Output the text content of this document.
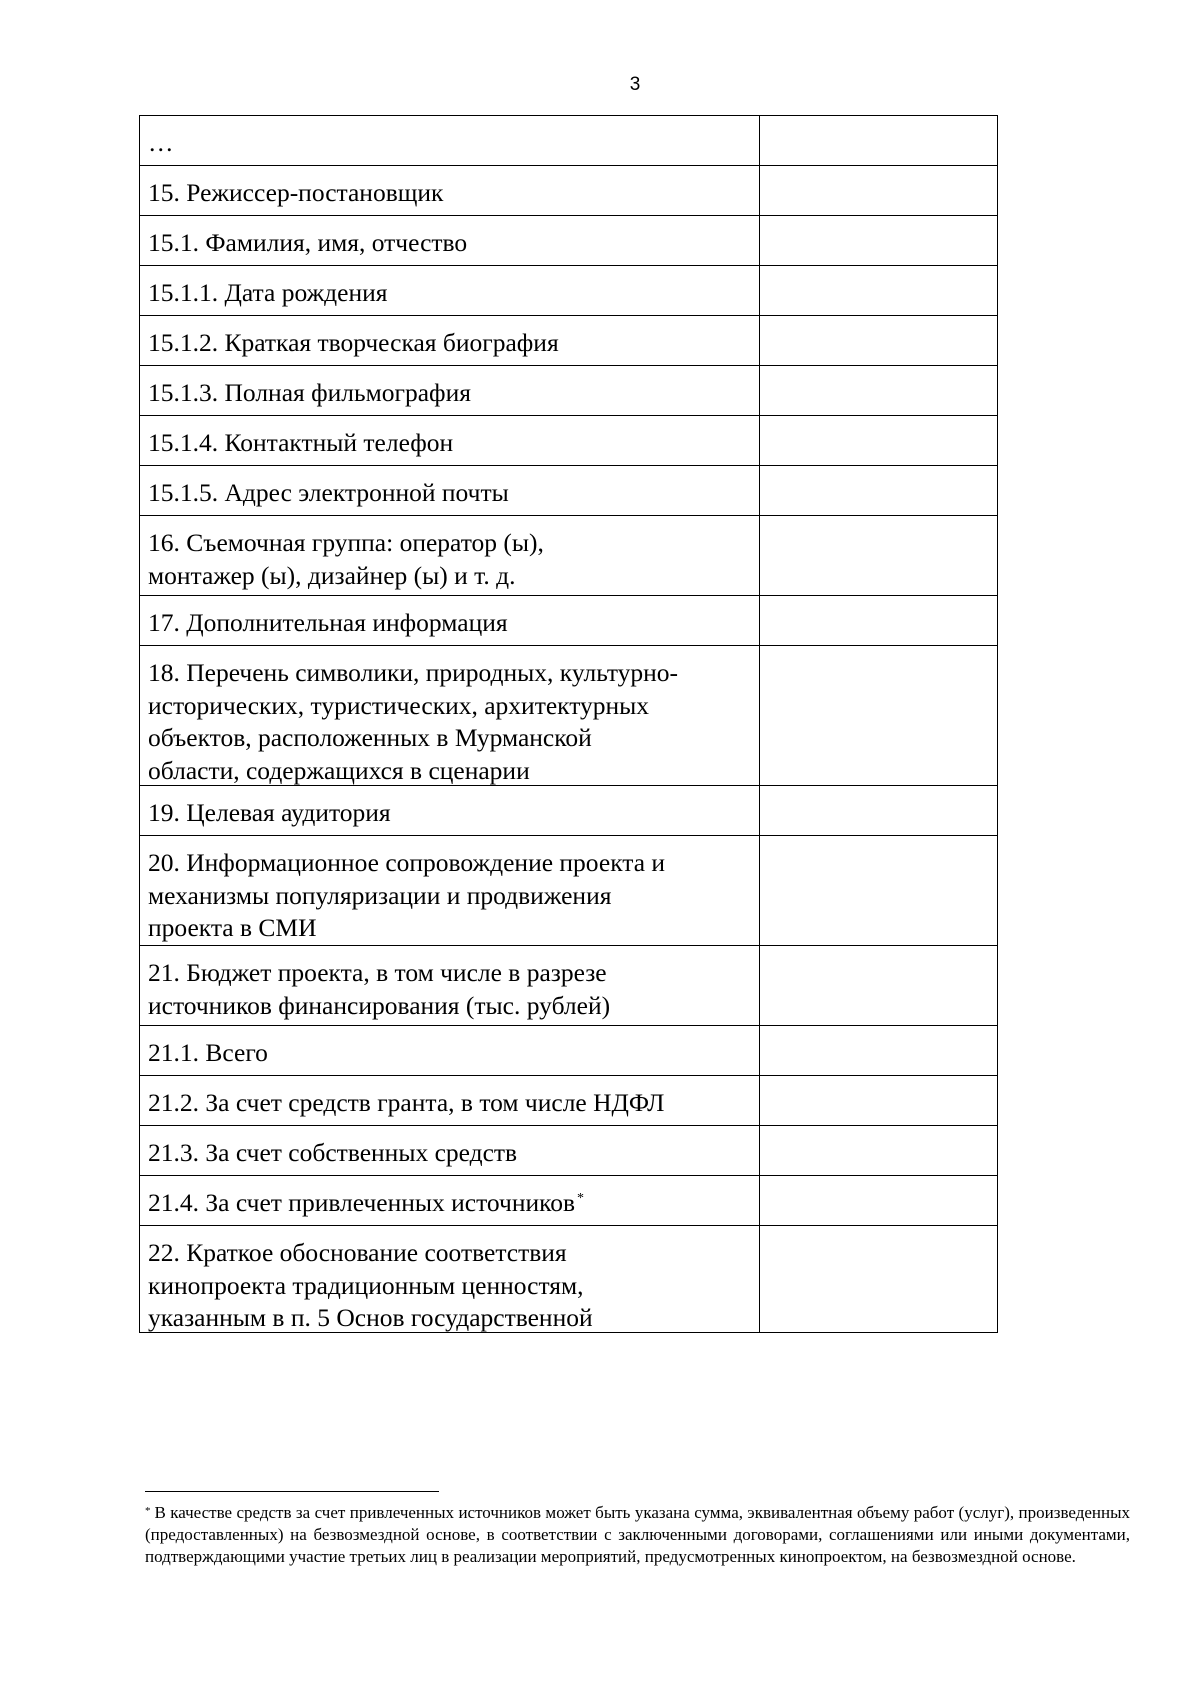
3
…	

15. Режиссер-постановщик	

15.1. Фамилия, имя, отчество	

15.1.1. Дата рождения	

15.1.2. Краткая творческая биография	

15.1.3. Полная фильмография	

15.1.4. Контактный телефон	

15.1.5. Адрес электронной почты	

16. Съемочная группа: оператор (ы),
монтажер (ы), дизайнер (ы) и т. д.	

17. Дополнительная информация	

18. Перечень символики, природных, культурно-
исторических, туристических, архитектурных
объектов, расположенных в Мурманской
области, содержащихся в сценарии	

19. Целевая аудитория	

20. Информационное сопровождение проекта и
механизмы популяризации и продвижения
проекта в СМИ	

21. Бюджет проекта, в том числе в разрезе
источников финансирования (тыс. рублей)	

21.1. Всего	

21.2. За счет средств гранта, в том числе НДФЛ	

21.3. За счет собственных средств	

21.4. За счет привлеченных источников *

22. Краткое обоснование соответствия
кинопроекта традиционным ценностям,
указанным в п. 5 Основ государственной	

* В качестве средств за счет привлеченных источников может быть указана сумма, эквивалентная объему работ (услуг), произведенных (предоставленных) на безвозмездной основе, в соответствии с заключенными договорами, соглашениями или иными документами, подтверждающими участие третьих лиц в реализации мероприятий, предусмотренных кинопроектом, на безвозмездной основе.
